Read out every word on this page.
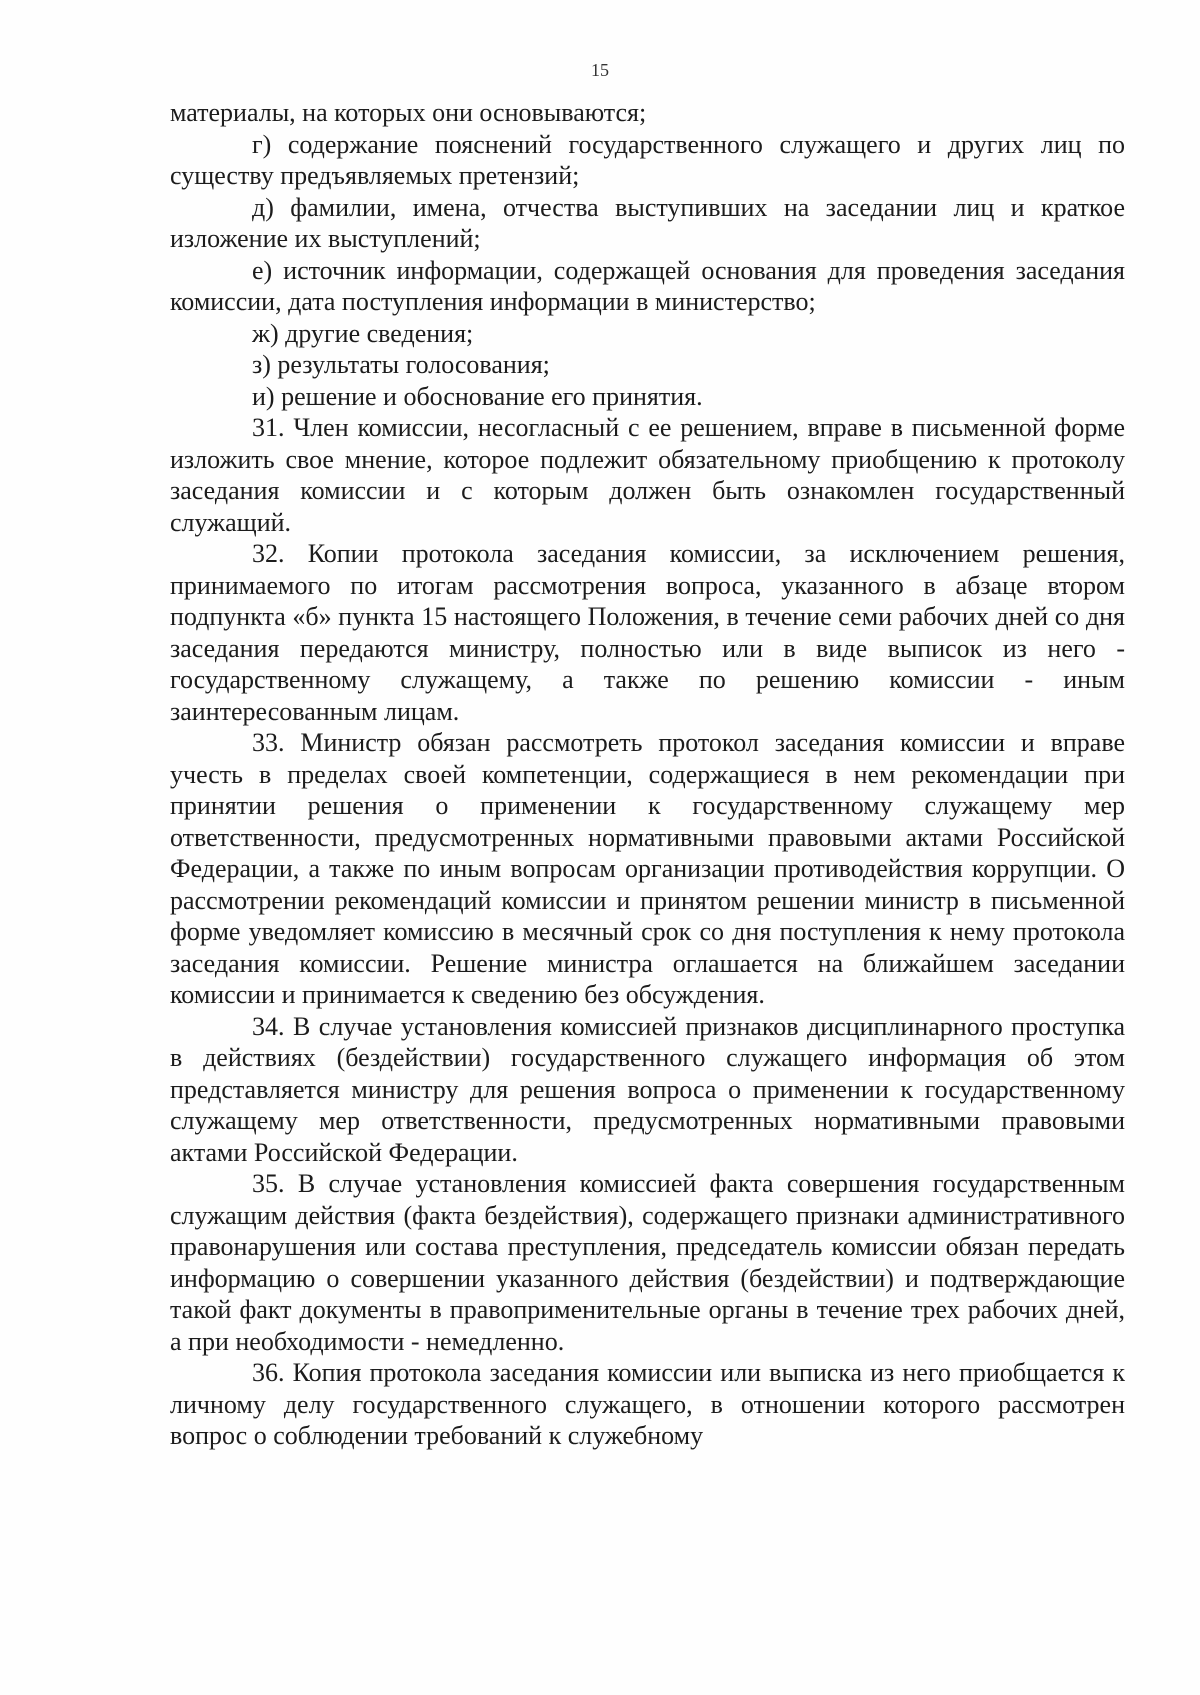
15

материалы, на которых они основываются;

г) содержание пояснений государственного служащего и других лиц по существу предъявляемых претензий;

д) фамилии, имена, отчества выступивших на заседании лиц и краткое изложение их выступлений;

е) источник информации, содержащей основания для проведения заседания комиссии, дата поступления информации в министерство;

ж) другие сведения;

з) результаты голосования;

и) решение и обоснование его принятия.

31. Член комиссии, несогласный с ее решением, вправе в письменной форме изложить свое мнение, которое подлежит обязательному приобщению к протоколу заседания комиссии и с которым должен быть ознакомлен государственный служащий.

32. Копии протокола заседания комиссии, за исключением решения, принимаемого по итогам рассмотрения вопроса, указанного в абзаце втором подпункта «б» пункта 15 настоящего Положения, в течение семи рабочих дней со дня заседания передаются министру, полностью или в виде выписок из него - государственному служащему, а также по решению комиссии - иным заинтересованным лицам.

33. Министр обязан рассмотреть протокол заседания комиссии и вправе учесть в пределах своей компетенции, содержащиеся в нем рекомендации при принятии решения о применении к государственному служащему мер ответственности, предусмотренных нормативными правовыми актами Российской Федерации, а также по иным вопросам организации противодействия коррупции. О рассмотрении рекомендаций комиссии и принятом решении министр в письменной форме уведомляет комиссию в месячный срок со дня поступления к нему протокола заседания комиссии. Решение министра оглашается на ближайшем заседании комиссии и принимается к сведению без обсуждения.

34. В случае установления комиссией признаков дисциплинарного проступка в действиях (бездействии) государственного служащего информация об этом представляется министру для решения вопроса о применении к государственному служащему мер ответственности, предусмотренных нормативными правовыми актами Российской Федерации.

35. В случае установления комиссией факта совершения государственным служащим действия (факта бездействия), содержащего признаки административного правонарушения или состава преступления, председатель комиссии обязан передать информацию о совершении указанного действия (бездействии) и подтверждающие такой факт документы в правоприменительные органы в течение трех рабочих дней, а при необходимости - немедленно.

36. Копия протокола заседания комиссии или выписка из него приобщается к личному делу государственного служащего, в отношении которого рассмотрен вопрос о соблюдении требований к служебному
